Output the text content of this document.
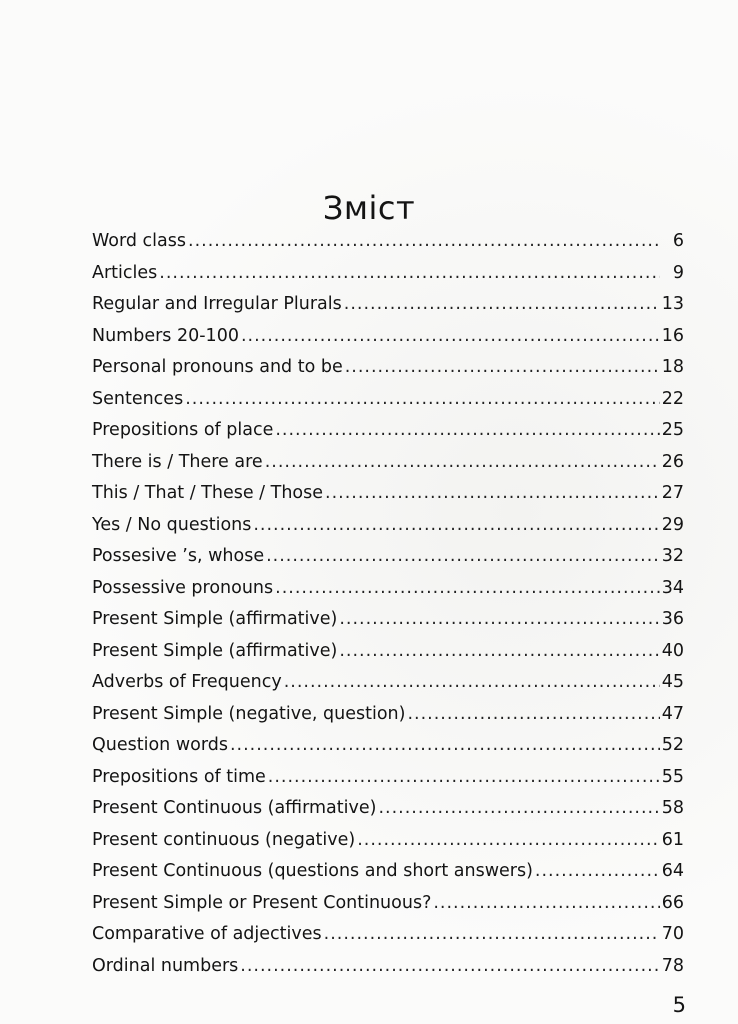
Зміст
Word class .....	6
Articles .....	9
Regular and Irregular Plurals .....	13
Numbers 20-100 .....	16
Personal pronouns and to be .....	18
Sentences .....	22
Prepositions of place .....	25
There is / There are .....	26
This / That / These / Those .....	27
Yes / No questions .....	29
Possesive ’s, whose .....	32
Possessive pronouns .....	34
Present Simple (affirmative) .....	36
Present Simple (affirmative) .....	40
Adverbs of Frequency .....	45
Present Simple (negative, question) .....	47
Question words .....	52
Prepositions of time .....	55
Present Continuous (affirmative) .....	58
Present continuous (negative) .....	61
Present Continuous (questions and short answers) .....	64
Present Simple or Present Continuous? .....	66
Comparative of adjectives .....	70
Ordinal numbers .....	78
5
